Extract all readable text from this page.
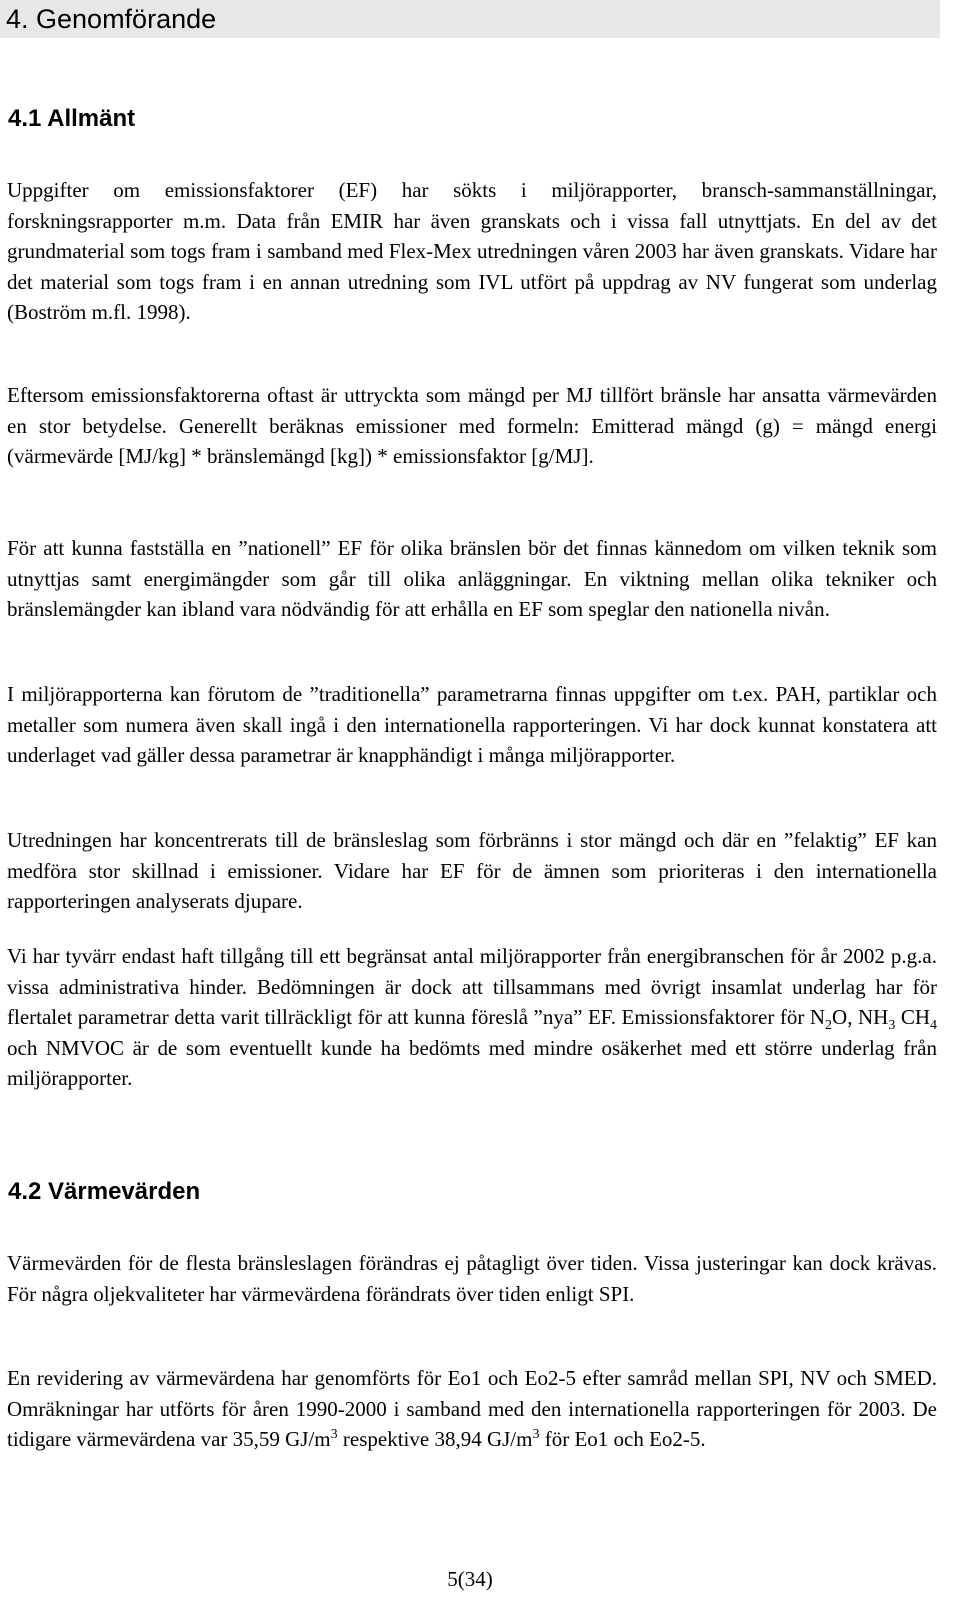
4. Genomförande
4.1 Allmänt

Uppgifter om emissionsfaktorer (EF) har sökts i miljörapporter, bransch-sammanställningar, forskningsrapporter m.m. Data från EMIR har även granskats och i vissa fall utnyttjats. En del av det grundmaterial som togs fram i samband med Flex-Mex utredningen våren 2003 har även granskats. Vidare har det material som togs fram i en annan utredning som IVL utfört på uppdrag av NV fungerat som underlag (Boström m.fl. 1998).

Eftersom emissionsfaktorerna oftast är uttryckta som mängd per MJ tillfört bränsle har ansatta värmevärden en stor betydelse. Generellt beräknas emissioner med formeln: Emitterad mängd (g) = mängd energi (värmevärde [MJ/kg] * bränslemängd [kg]) * emissionsfaktor [g/MJ].

För att kunna fastställa en ”nationell” EF för olika bränslen bör det finnas kännedom om vilken teknik som utnyttjas samt energimängder som går till olika anläggningar. En viktning mellan olika tekniker och bränslemängder kan ibland vara nödvändig för att erhålla en EF som speglar den nationella nivån.

I miljörapporterna kan förutom de ”traditionella” parametrarna finnas uppgifter om t.ex. PAH, partiklar och metaller som numera även skall ingå i den internationella rapporteringen. Vi har dock kunnat konstatera att underlaget vad gäller dessa parametrar är knapphändigt i många miljörapporter.

Utredningen har koncentrerats till de bränsleslag som förbränns i stor mängd och där en ”felaktig” EF kan medföra stor skillnad i emissioner. Vidare har EF för de ämnen som prioriteras i den internationella rapporteringen analyserats djupare.

Vi har tyvärr endast haft tillgång till ett begränsat antal miljörapporter från energibranschen för år 2002 p.g.a. vissa administrativa hinder. Bedömningen är dock att tillsammans med övrigt insamlat underlag har för flertalet parametrar detta varit tillräckligt för att kunna föreslå ”nya” EF. Emissionsfaktorer för $N_2O$, $NH_3$ $CH_4$ och NMVOC är de som eventuellt kunde ha bedömts med mindre osäkerhet med ett större underlag från miljörapporter.

4.2 Värmevärden

Värmevärden för de flesta bränsleslagen förändras ej påtagligt över tiden. Vissa justeringar kan dock krävas. För några oljekvaliteter har värmevärdena förändrats över tiden enligt SPI.

En revidering av värmevärdena har genomförts för Eo1 och Eo2-5 efter samråd mellan SPI, NV och SMED. Omräkningar har utförts för åren 1990-2000 i samband med den internationella rapporteringen för 2003. De tidigare värmevärdena var 35,59 $GJ/m^3$ respektive 38,94 $GJ/m^3$ för Eo1 och Eo2-5.

5(34)
